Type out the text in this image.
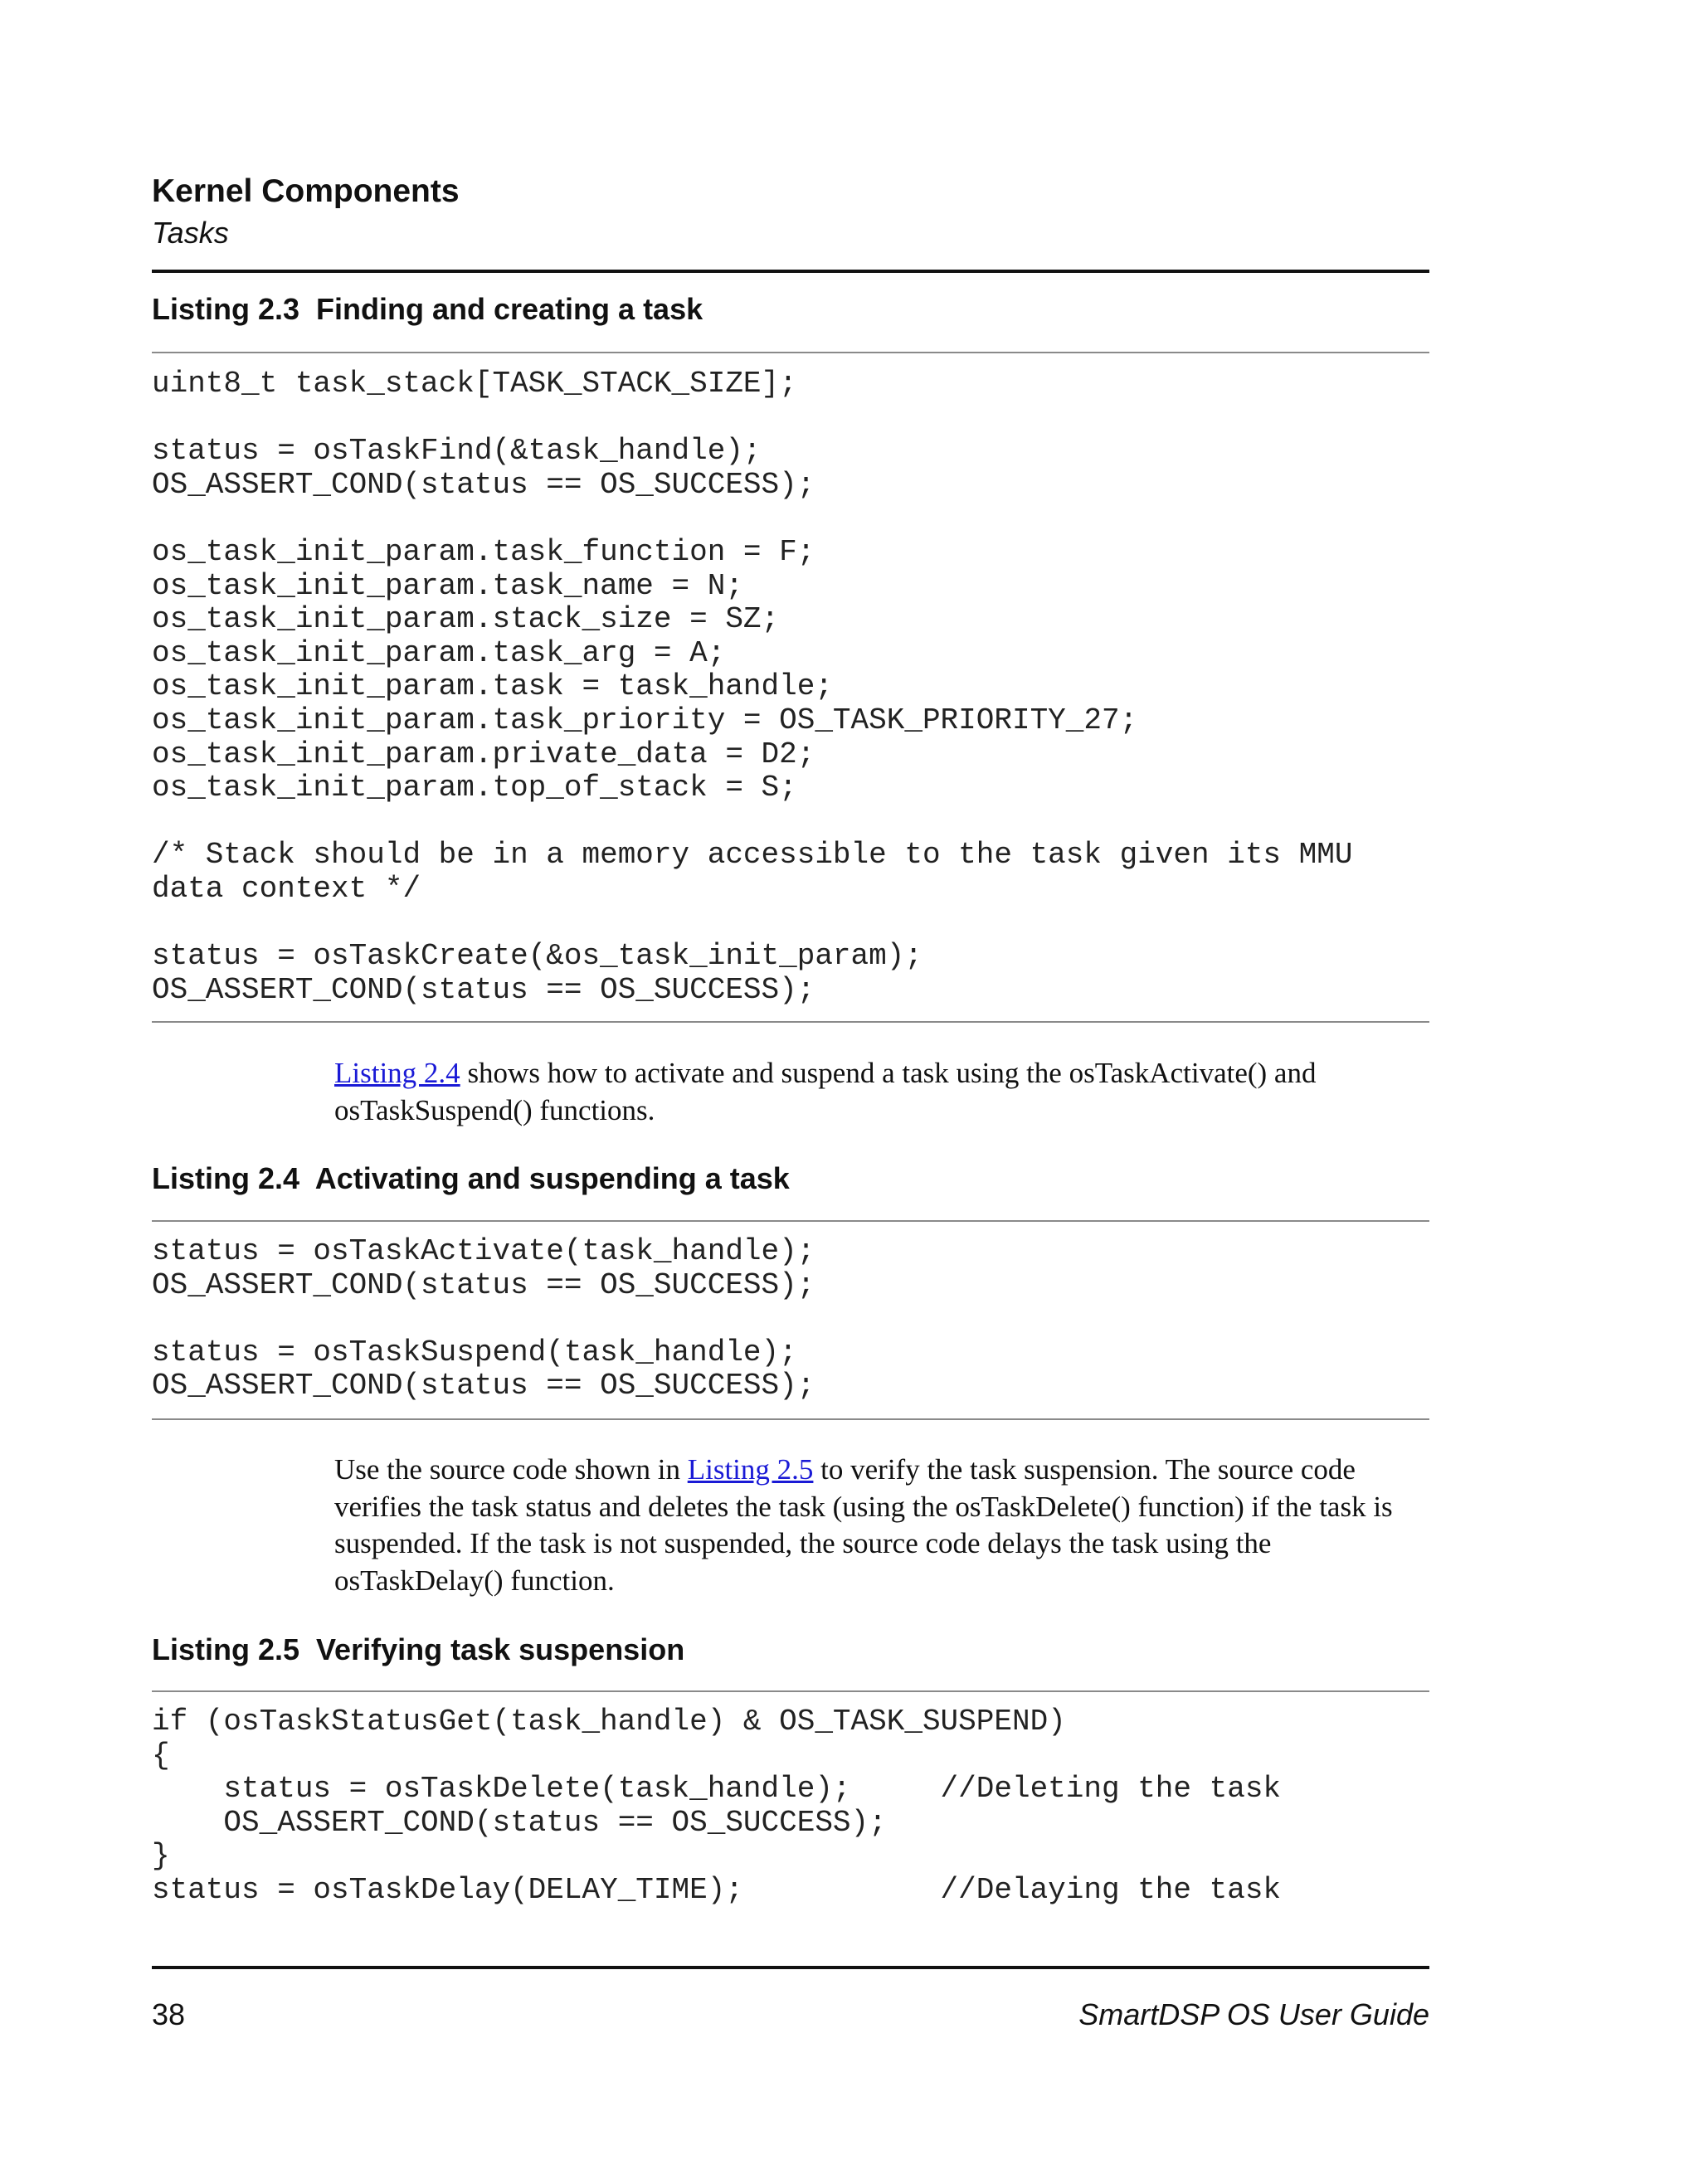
Kernel Components
Tasks
Listing 2.3  Finding and creating a task
uint8_t task_stack[TASK_STACK_SIZE];

status = osTaskFind(&task_handle);
OS_ASSERT_COND(status == OS_SUCCESS);

os_task_init_param.task_function = F;
os_task_init_param.task_name = N;
os_task_init_param.stack_size = SZ;
os_task_init_param.task_arg = A;
os_task_init_param.task = task_handle;
os_task_init_param.task_priority = OS_TASK_PRIORITY_27;
os_task_init_param.private_data = D2;
os_task_init_param.top_of_stack = S;

/* Stack should be in a memory accessible to the task given its MMU
data context */

status = osTaskCreate(&os_task_init_param);
OS_ASSERT_COND(status == OS_SUCCESS);

Listing 2.4 shows how to activate and suspend a task using the osTaskActivate() and osTaskSuspend() functions.

Listing 2.4  Activating and suspending a task
status = osTaskActivate(task_handle);
OS_ASSERT_COND(status == OS_SUCCESS);

status = osTaskSuspend(task_handle);
OS_ASSERT_COND(status == OS_SUCCESS);

Use the source code shown in Listing 2.5 to verify the task suspension. The source code verifies the task status and deletes the task (using the osTaskDelete() function) if the task is suspended. If the task is not suspended, the source code delays the task using the osTaskDelay() function.

Listing 2.5  Verifying task suspension
if (osTaskStatusGet(task_handle) & OS_TASK_SUSPEND)
{
status = osTaskDelete(task_handle);     //Deleting the task
OS_ASSERT_COND(status == OS_SUCCESS);
}
status = osTaskDelay(DELAY_TIME);           //Delaying the task
38	SmartDSP OS User Guide
